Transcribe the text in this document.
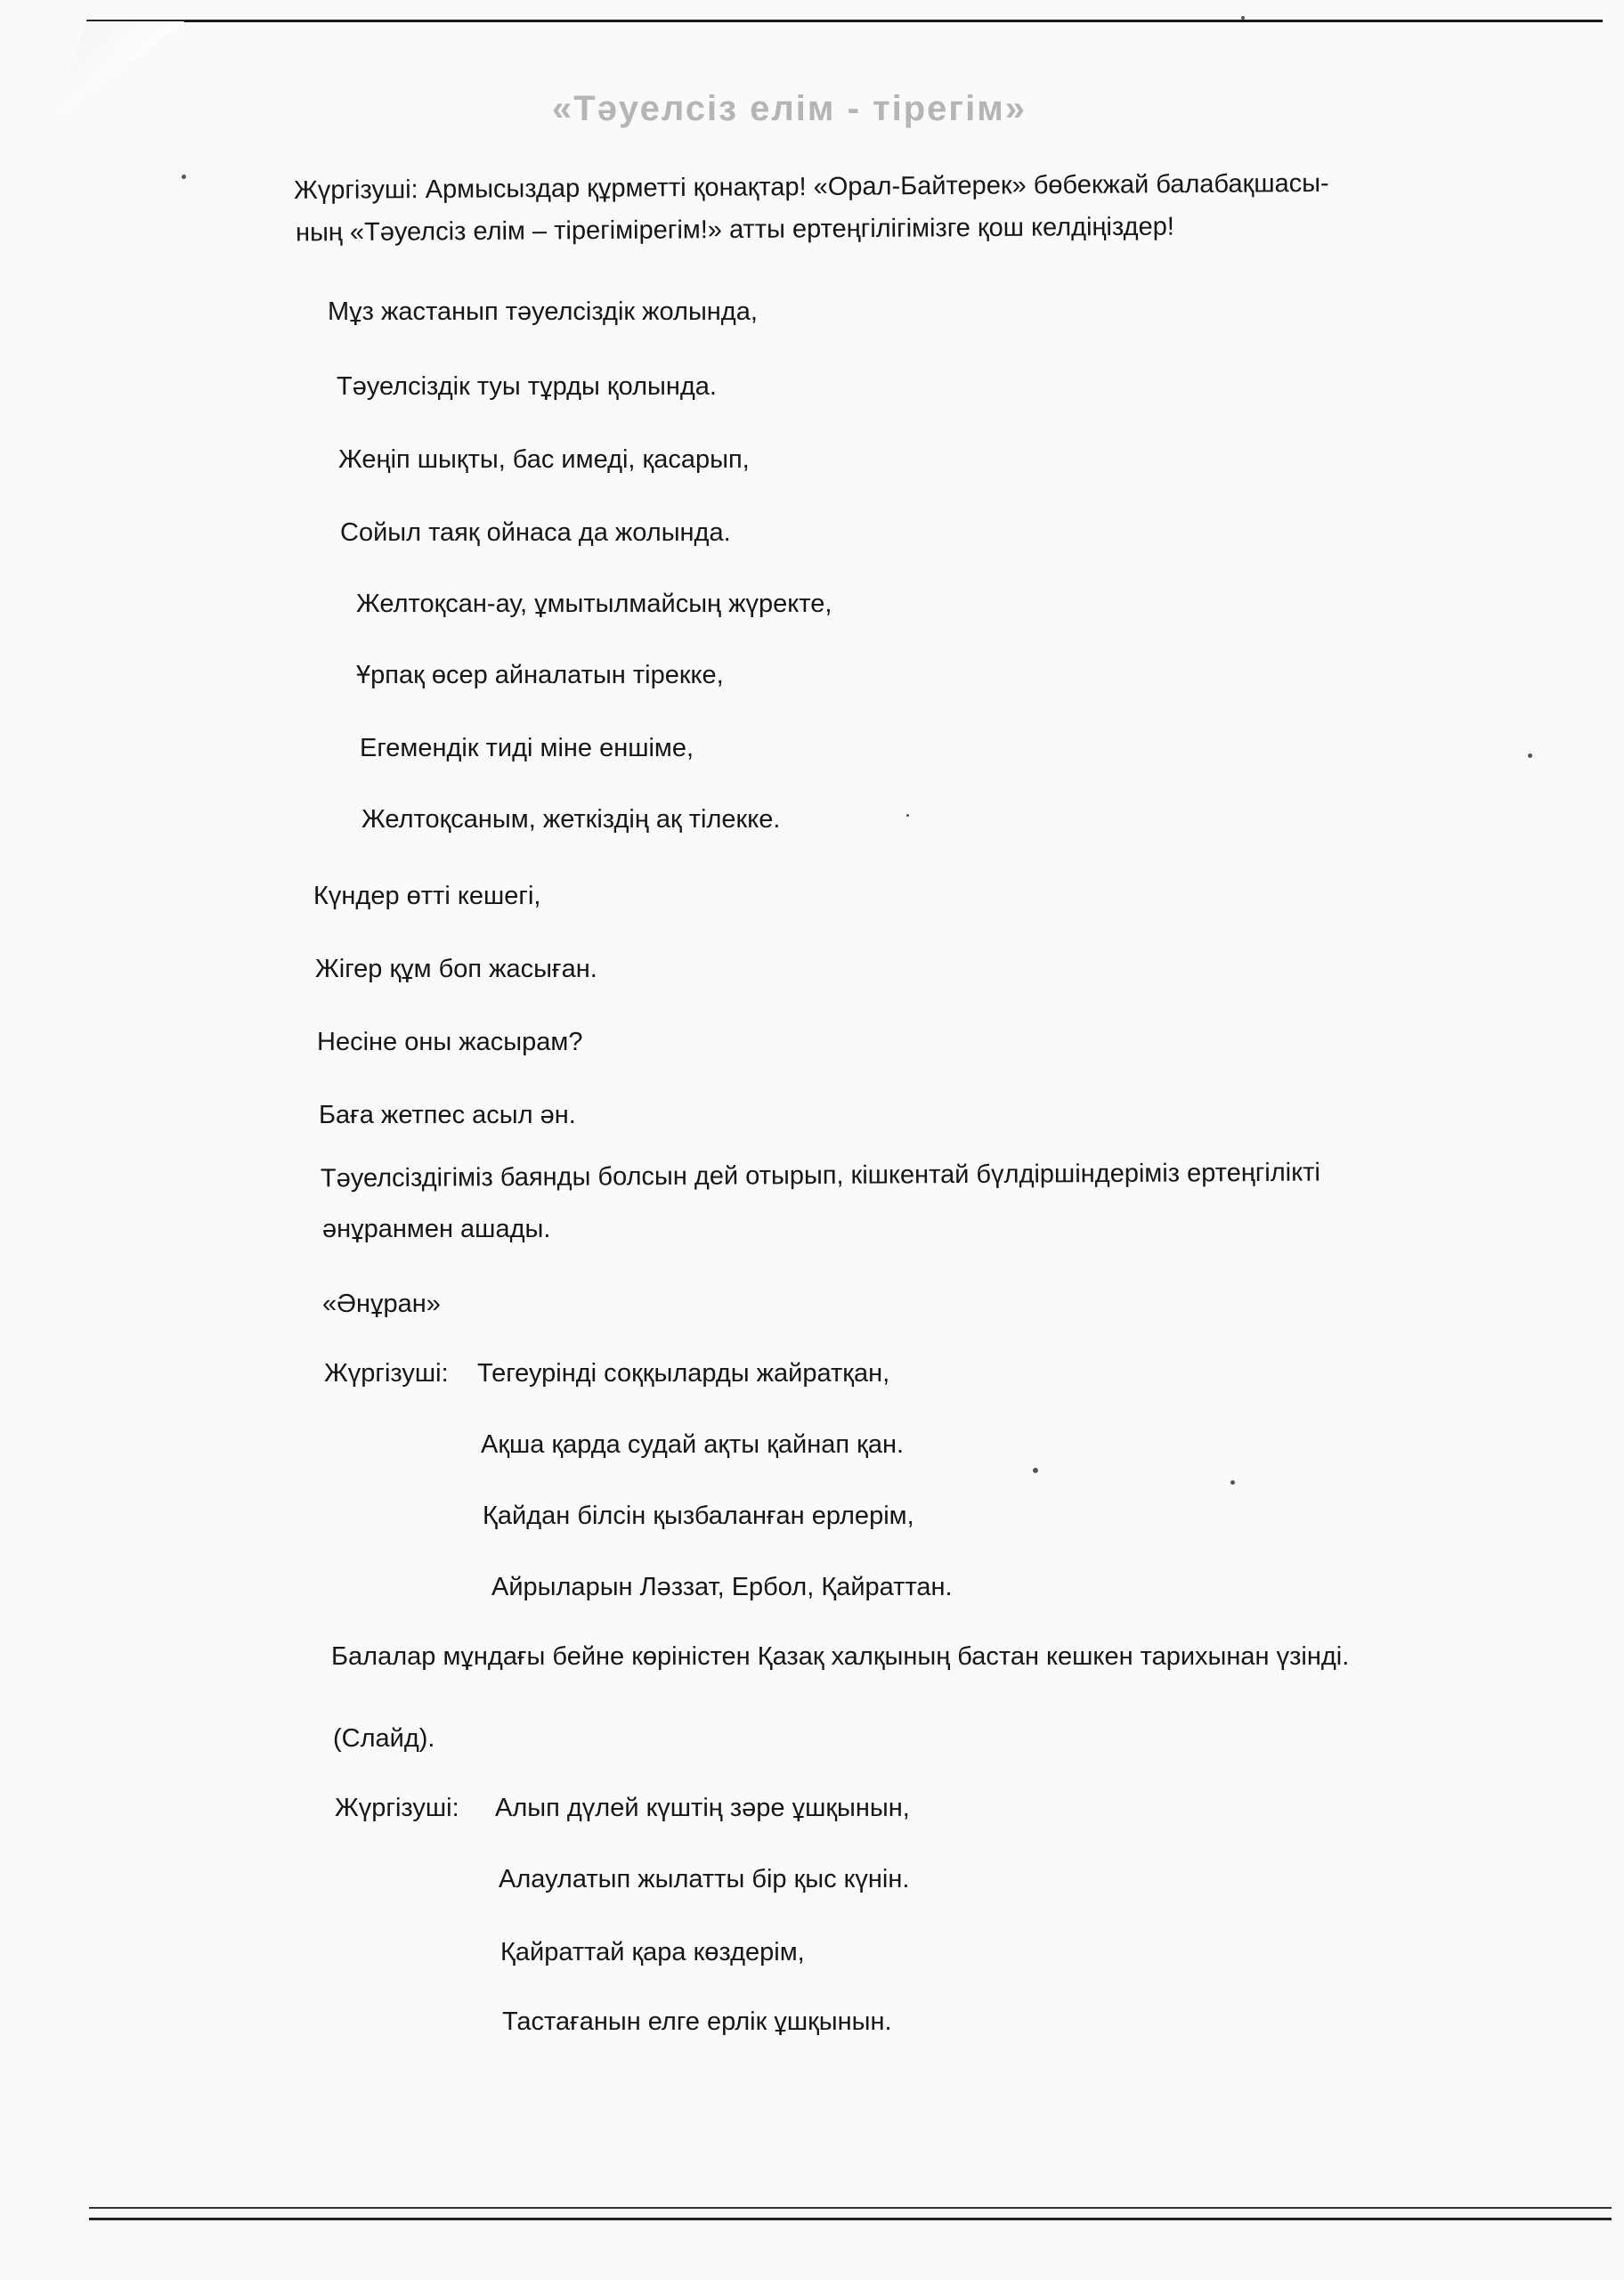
«Тәуелсіз елім - тірегім»
Жүргізуші: Армысыздар құрметті қонақтар! «Орал-Байтерек» бөбекжай балабақшасы-
ның «Тәуелсіз елім – тірегімірегім!» атты ертеңгілігімізге қош келдіңіздер!
Мұз жастанып тәуелсіздік жолында,
Тәуелсіздік туы тұрды қолында.
Жеңіп шықты, бас имеді, қасарып,
Сойыл таяқ ойнаса да жолында.
Желтоқсан-ау, ұмытылмайсың жүректе,
Ұрпақ өсер айналатын тірекке,
Егемендік тиді міне еншіме,
Желтоқсаным, жеткіздің ақ тілекке.
Күндер өтті кешегі,
Жігер құм боп жасыған.
Несіне оны жасырам?
Баға жетпес асыл ән.
Тәуелсіздігіміз баянды болсын дей отырып, кішкентай бүлдіршіндеріміз ертеңгілікті
әнұранмен ашады.
«Әнұран»
Жүргізуші: Тегеуріндi соққыларды жайратқан,
Ақша қарда судай ақты қайнап қан.
Қайдан білсін қызбаланған ерлерім,
Айрыларын Ләззат, Ербол, Қайраттан.
Балалар мұндағы бейне көріністен Қазақ халқының бастан кешкен тарихынан үзінді.
(Слайд).
Жүргізуші: Алып дүлей күштің зәре ұшқынын,
Алаулатып жылатты бір қыс күнін.
Қайраттай қара көздерім,
Тастағанын елге ерлік ұшқынын.
